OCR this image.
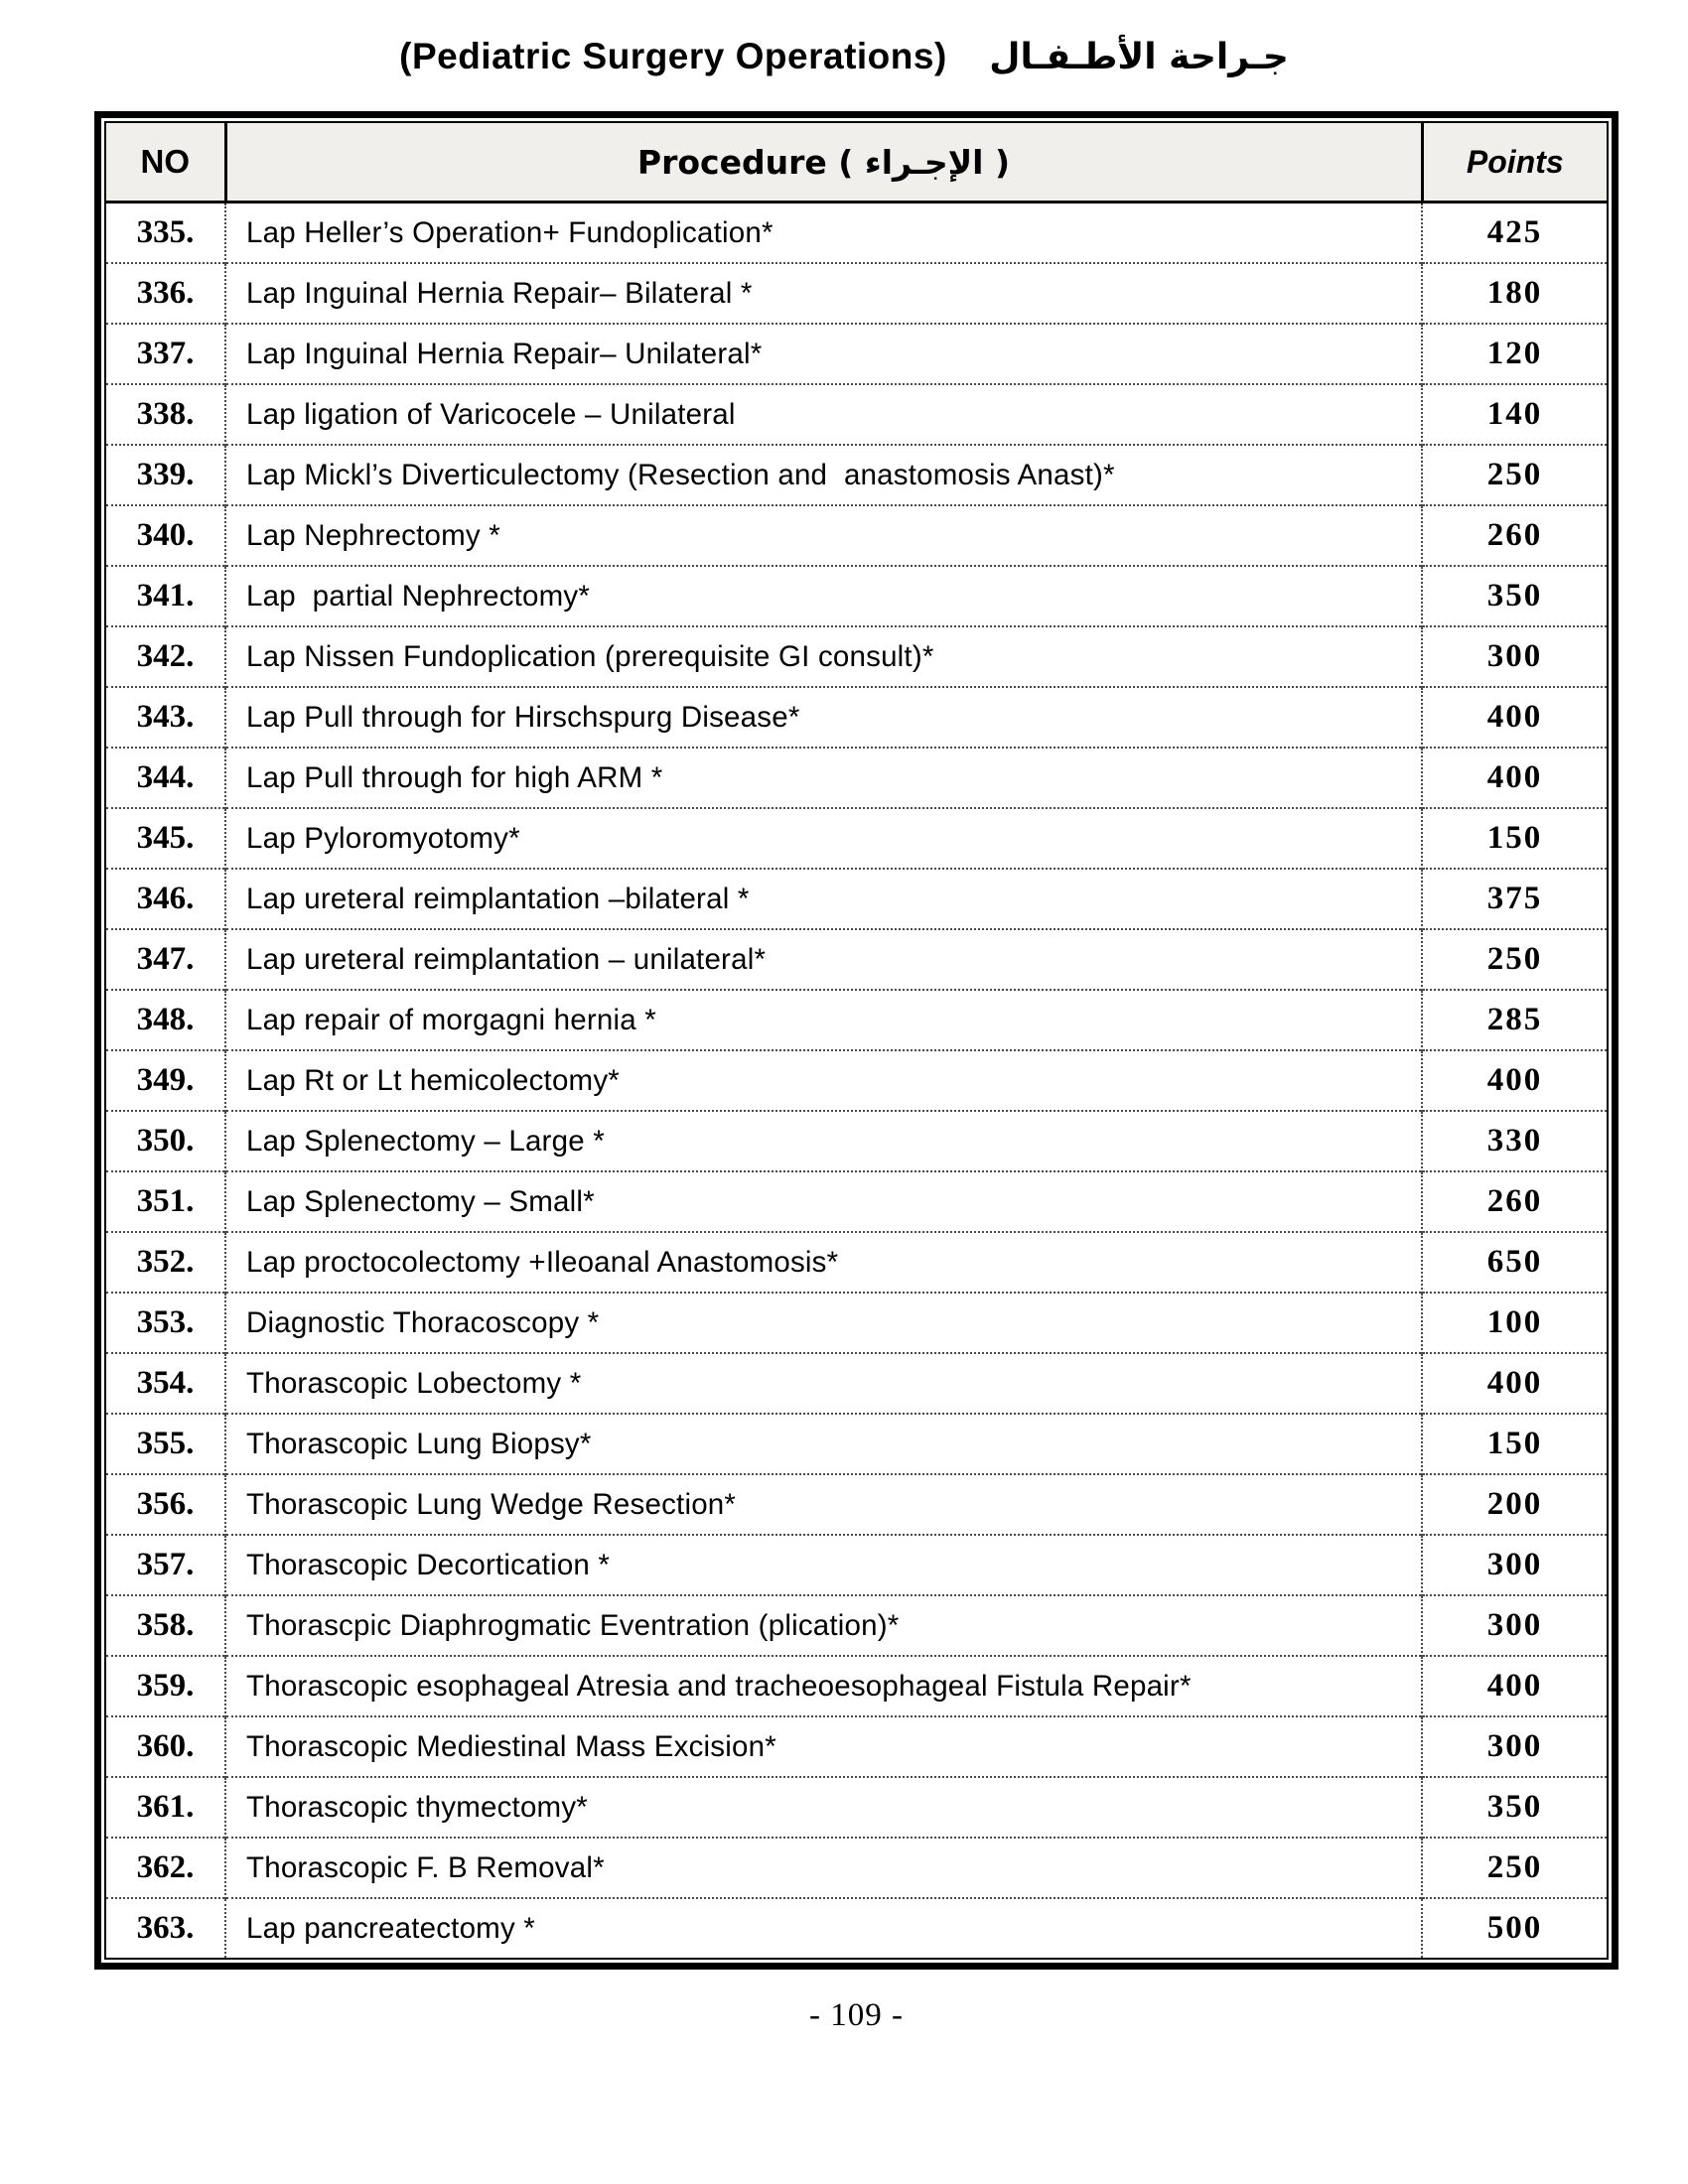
(Pediatric Surgery Operations) جـراحة الأطـفـال
NO	Procedure ( الإجـراء )	Points
335.	Lap Heller’s Operation+ Fundoplication*	425
336.	Lap Inguinal Hernia Repair– Bilateral *	180
337.	Lap Inguinal Hernia Repair– Unilateral*	120
338.	Lap ligation of Varicocele – Unilateral	140
339.	Lap Mickl’s Diverticulectomy (Resection and  anastomosis Anast)*	250
340.	Lap Nephrectomy *	260
341.	Lap  partial Nephrectomy*	350
342.	Lap Nissen Fundoplication (prerequisite GI consult)*	300
343.	Lap Pull through for Hirschspurg Disease*	400
344.	Lap Pull through for high ARM *	400
345.	Lap Pyloromyotomy*	150
346.	Lap ureteral reimplantation –bilateral *	375
347.	Lap ureteral reimplantation – unilateral*	250
348.	Lap repair of morgagni hernia *	285
349.	Lap Rt or Lt hemicolectomy*	400
350.	Lap Splenectomy – Large *	330
351.	Lap Splenectomy – Small*	260
352.	Lap proctocolectomy +Ileoanal Anastomosis*	650
353.	Diagnostic Thoracoscopy *	100
354.	Thorascopic Lobectomy *	400
355.	Thorascopic Lung Biopsy*	150
356.	Thorascopic Lung Wedge Resection*	200
357.	Thorascopic Decortication *	300
358.	Thorascpic Diaphrogmatic Eventration (plication)*	300
359.	Thorascopic esophageal Atresia and tracheoesophageal Fistula Repair*	400
360.	Thorascopic Mediestinal Mass Excision*	300
361.	Thorascopic thymectomy*	350
362.	Thorascopic F. B Removal*	250
363.	Lap pancreatectomy *	500
- 109 -
